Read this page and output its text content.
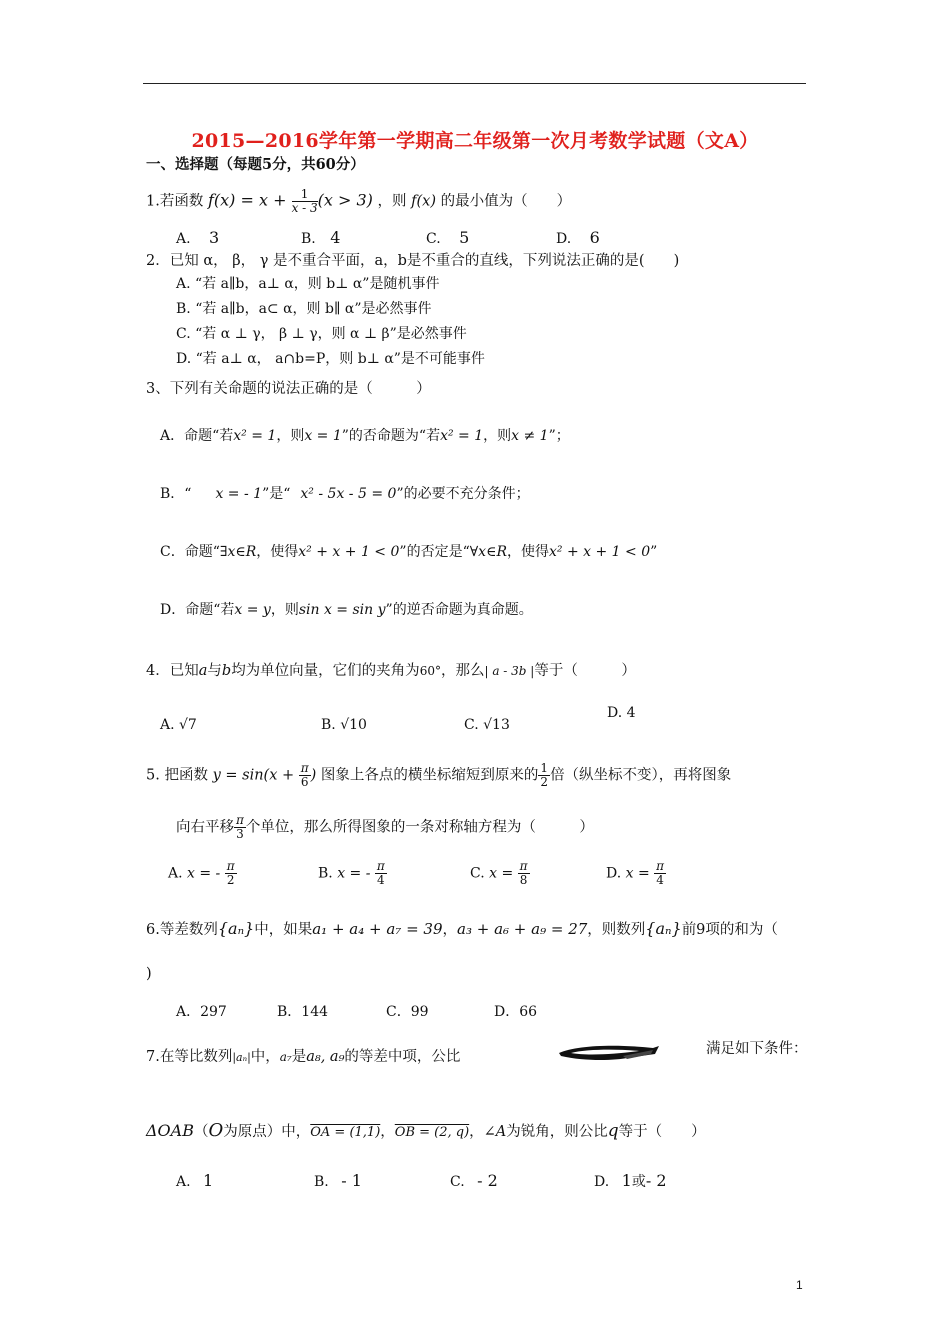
2015—2016学年第一学期高二年级第一次月考数学试题（文A）
一、选择题（每题5分，共60分）
1.若函数 $f(x) = x + \frac{1}{x - 3} (x > 3)$ ，则 f(x) 的最小值为（　　）
A. 3	B. 4	C. 5	D. 6
2．已知 α， β， γ 是不重合平面，a，b是不重合的直线，下列说法正确的是(　　)
A. “若 a∥b，a⊥ α，则 b⊥ α”是随机事件
B. “若 a∥b，a⊂ α，则 b∥ α”是必然事件
C. “若 α ⊥ γ， β ⊥ γ，则 α ⊥ β”是必然事件
D. “若 a⊥ α， a∩b=P，则 b⊥ α”是不可能事件
3、下列有关命题的说法正确的是（　　　）
A．命题“若x² = 1，则x = 1”的否命题为“若x² = 1，则x ≠ 1”；
B．“ x = - 1”是“ x² - 5x - 5 = 0”的必要不充分条件；
C．命题“∃x∈R，使得x² + x + 1 < 0”的否定是“∀x∈R，使得x² + x + 1 < 0”
D．命题“若x = y，则sin x = sin y”的逆否命题为真命题。
4．已知a与b均为单位向量，它们的夹角为60°，那么| a - 3b |等于（　　　）
A. √7	B. √10	C. √13
D. 4
5. 把函数 $y = \sin(x + \frac{\pi}{6}$ ) 图象上各点的横坐标缩短到原来的 $\frac{1}{2}$ 倍（纵坐标不变），再将图象
向右平移 $\frac{\pi}{3}$ 个单位，那么所得图象的一条对称轴方程为（　　　）
A. x = - $\frac{\pi}{2}$	B. x = - $\frac{\pi}{4}$	C. $x = \frac{\pi}{8}$	D. $x = \frac{\pi}{4}$
6.等差数列{aₙ}中，如果a₁ + a₄ + a₇ = 39，a₃ + a₆ + a₉ = 27，则数列{aₙ}前9项的和为（
)
A．297	B．144	C．99	D．66
7.在等比数列|aₙ|中，a₇是a₈, a₉的等差中项，公比	满足如下条件：
ΔOAB（O为原点）中，OA = (1,1)，OB = (2, q)，∠A为锐角，则公比q等于（　　）
A. 1	B. - 1	C. - 2	D. 1或- 2
1
